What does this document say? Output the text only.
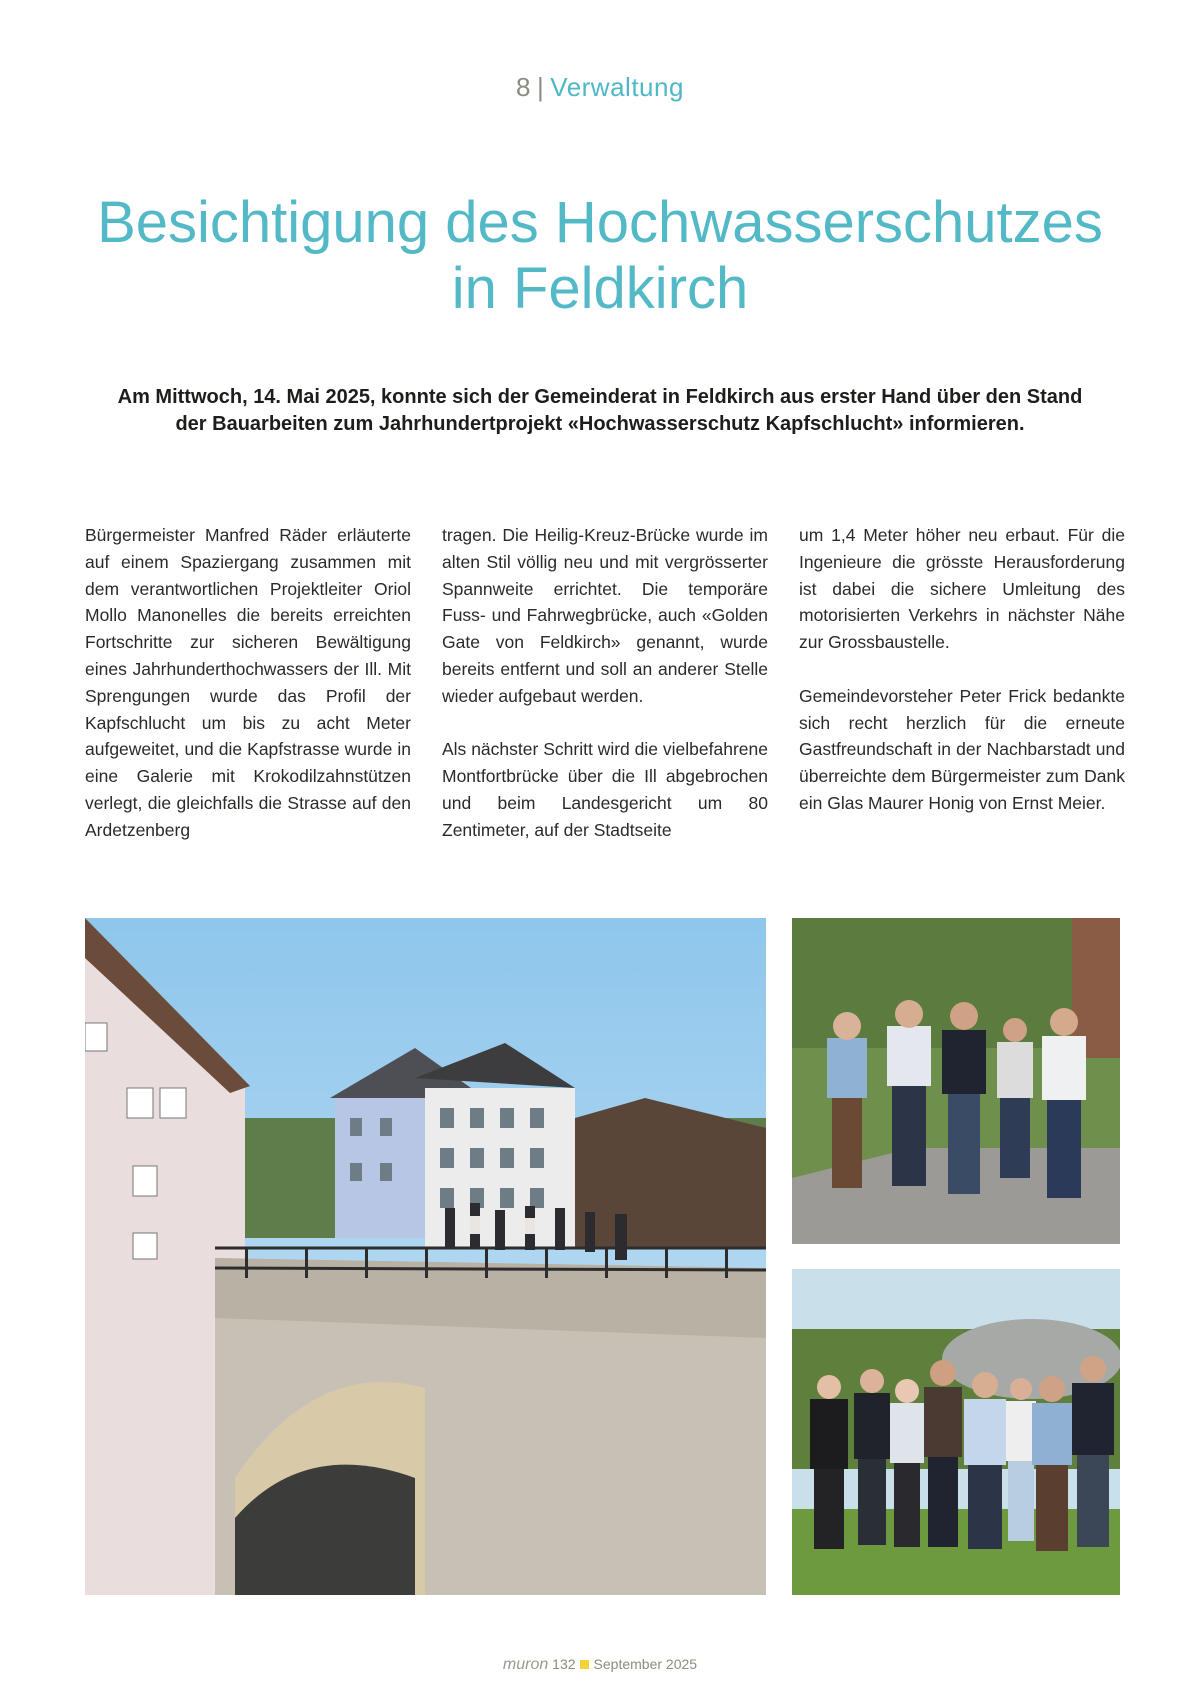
8 | Verwaltung
Besichtigung des Hochwasserschutzes
in Feldkirch

Am Mittwoch, 14. Mai 2025, konnte sich der Gemeinderat in Feldkirch aus erster Hand über den Stand
der Bauarbeiten zum Jahrhundertprojekt «Hochwasserschutz Kapfschlucht» informieren.

Bürgermeister Manfred Räder erläuterte auf einem Spaziergang zusammen mit dem verantwortlichen Projektleiter Oriol Mollo Manonelles die bereits erreichten Fortschritte zur sicheren Bewältigung eines Jahrhunderthochwassers der Ill. Mit Sprengungen wurde das Profil der Kapfschlucht um bis zu acht Meter aufgeweitet, und die Kapfstrasse wurde in eine Galerie mit Krokodilzahnstützen verlegt, die gleichfalls die Strasse auf den Ardetzenberg

tragen. Die Heilig-Kreuz-Brücke wurde im alten Stil völlig neu und mit vergrösserter Spannweite errichtet. Die temporäre Fuss- und Fahrwegbrücke, auch «Golden Gate von Feldkirch» genannt, wurde bereits entfernt und soll an anderer Stelle wieder aufgebaut werden.

Als nächster Schritt wird die vielbefahrene Montfortbrücke über die Ill abgebrochen und beim Landesgericht um 80 Zentimeter, auf der Stadtseite

um 1,4 Meter höher neu erbaut. Für die Ingenieure die grösste Herausforderung ist dabei die sichere Umleitung des motorisierten Verkehrs in nächster Nähe zur Grossbaustelle.

Gemeindevorsteher Peter Frick bedankte sich recht herzlich für die erneute Gastfreundschaft in der Nachbarstadt und überreichte dem Bürgermeister zum Dank ein Glas Maurer Honig von Ernst Meier.

muron 132 September 2025
